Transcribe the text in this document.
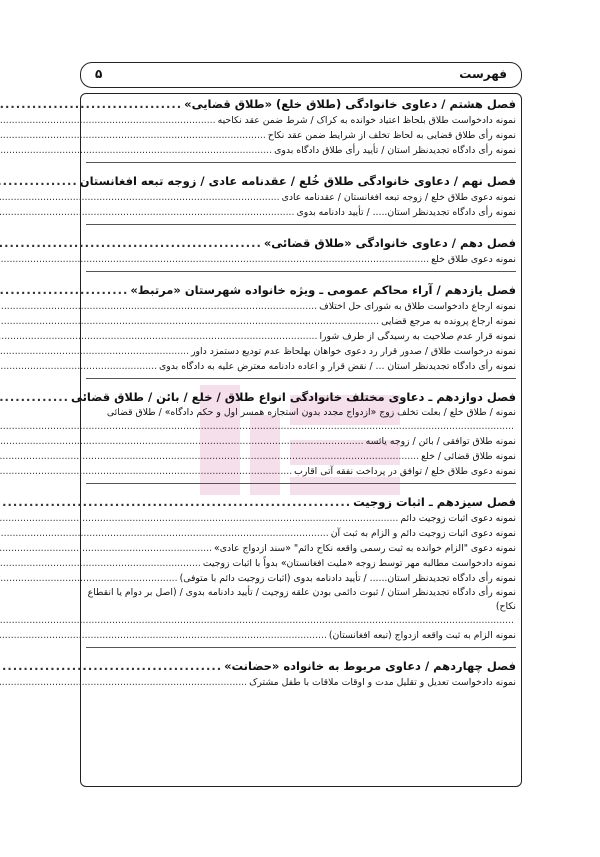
فهرست
۵
فصل هشتم / دعاوی خانوادگی (طلاق خلع) «طلاق قضایی»
.....
نمونه دادخواست طلاق بلحاظ اعتیاد خوانده به کراک / شرط ضمن عقد نکاحیه
.....
نمونه رأی طلاق قضایی به لحاظ تخلف از شرایط ضمن عقد نکاح
.....
نمونه رأی دادگاه تجدیدنظر استان / تأیید رأی طلاق دادگاه بدوی
.....
فصل نهم / دعاوی خانوادگی طلاق خُلع / عقدنامه عادی / زوجه تبعه افغانستان
.....
نمونه دعوی طلاق خلع / زوجه تبعه افغانستان / عقدنامه عادی
.....
نمونه رأی دادگاه تجدیدنظر استان..... / تأیید دادنامه بدوی
.....
فصل دهم / دعاوی خانوادگی «طلاق قضائی»
.....
نمونه دعوی طلاق خلع
.....
فصل یازدهم / آراء محاکم عمومی ـ ویژه خانواده شهرستان «مرتبط»
.....
نمونه ارجاع دادخواست طلاق به شورای حل اختلاف
.....
نمونه ارجاع پرونده به مرجع قضایی
.....
نمونه قرار عدم صلاحیت به رسیدگی از طرف شورا
.....
نمونه درخواست طلاق / صدور قرار رد دعوی خواهان بهلحاظ عدم تودیع دستمزد داور
.....
نمونه رأی دادگاه تجدیدنظر استان ... / نقض قرار و اعاده دادنامه معترض علیه به دادگاه بدوی
.....
فصل دوازدهم ـ دعاوی مختلف خانوادگی انواع طلاق / خلع / بائن / طلاق قضائی
.....
نمونه / طلاق خلع / بعلت تخلف زوج «ازدواج مجدد بدون استجازه همسر اول و حکم دادگاه» / طلاق قضائی
.....
نمونه طلاق توافقی / بائن / زوجه یائسه
.....
نمونه طلاق قضائی / خلع
.....
نمونه دعوی طلاق خلع / توافق در پرداخت نفقه آتی اقارب
.....
فصل سیزدهم ـ اثبات زوجیت
.....
نمونه دعوی اثبات زوجیت دائم
.....
نمونه دعوی اثبات زوجیت دائم و الزام به ثبت آن
.....
نمونه دعوی "الزام خوانده به ثبت رسمی واقعه نکاح دائم" «سند ازدواج عادی»
.....
نمونه دادخواست مطالبه مهر توسط زوجه «ملیت افغانستان» بدواً با اثبات زوجیت
.....
نمونه رأی دادگاه تجدیدنظر استان...... / تأیید دادنامه بدوی (اثبات زوجیت دائم با متوفی)
.....
نمونه رأی دادگاه تجدیدنظر استان / ثبوت دائمی بودن علقه زوجیت / تأیید دادنامه بدوی / (اصل بر دوام یا انقطاع نکاح)
.....
نمونه الزام به ثبت واقعه ازدواج (تبعه افغانستان)
.....
فصل چهاردهم / دعاوی مربوط به خانواده «حضانت»
.....
نمونه دادخواست تعدیل و تقلیل مدت و اوقات ملاقات با طفل مشترک
.....
